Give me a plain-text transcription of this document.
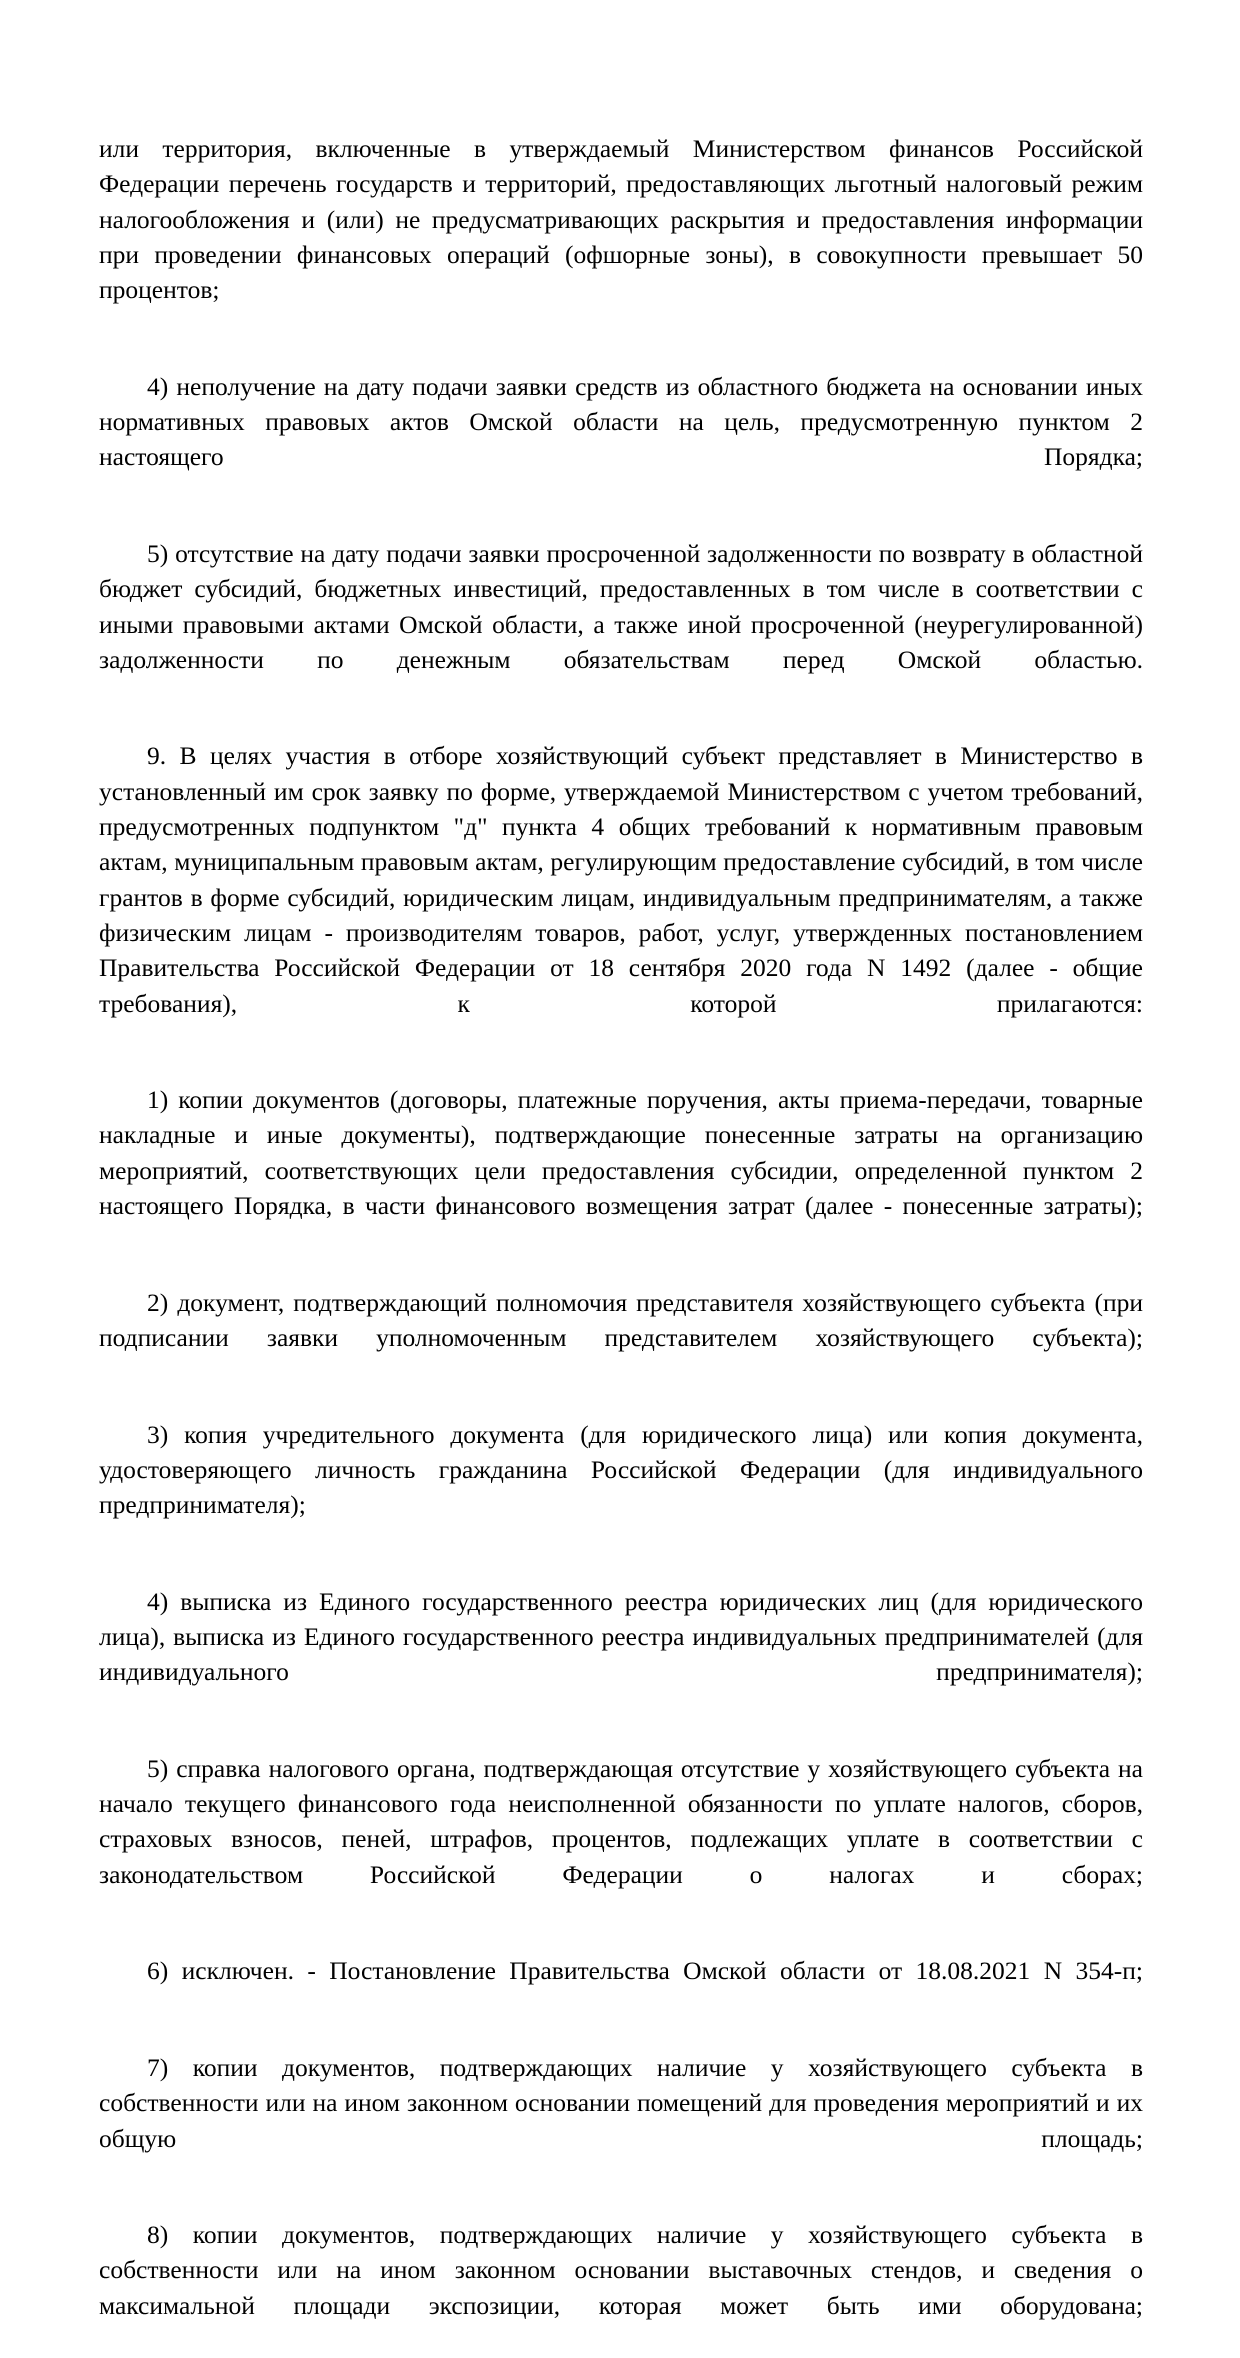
или территория, включенные в утверждаемый Министерством финансов Российской Федерации перечень государств и территорий, предоставляющих льготный налоговый режим налогообложения и (или) не предусматривающих раскрытия и предоставления информации при проведении финансовых операций (офшорные зоны), в совокупности превышает 50 процентов;

4) неполучение на дату подачи заявки средств из областного бюджета на основании иных нормативных правовых актов Омской области на цель, предусмотренную пунктом 2 настоящего Порядка;

5) отсутствие на дату подачи заявки просроченной задолженности по возврату в областной бюджет субсидий, бюджетных инвестиций, предоставленных в том числе в соответствии с иными правовыми актами Омской области, а также иной просроченной (неурегулированной) задолженности по денежным обязательствам перед Омской областью.

9. В целях участия в отборе хозяйствующий субъект представляет в Министерство в установленный им срок заявку по форме, утверждаемой Министерством с учетом требований, предусмотренных подпунктом "д" пункта 4 общих требований к нормативным правовым актам, муниципальным правовым актам, регулирующим предоставление субсидий, в том числе грантов в форме субсидий, юридическим лицам, индивидуальным предпринимателям, а также физическим лицам - производителям товаров, работ, услуг, утвержденных постановлением Правительства Российской Федерации от 18 сентября 2020 года N 1492 (далее - общие требования), к которой прилагаются:

1) копии документов (договоры, платежные поручения, акты приема-передачи, товарные накладные и иные документы), подтверждающие понесенные затраты на организацию мероприятий, соответствующих цели предоставления субсидии, определенной пунктом 2 настоящего Порядка, в части финансового возмещения затрат (далее - понесенные затраты);

2) документ, подтверждающий полномочия представителя хозяйствующего субъекта (при подписании заявки уполномоченным представителем хозяйствующего субъекта);

3) копия учредительного документа (для юридического лица) или копия документа, удостоверяющего личность гражданина Российской Федерации (для индивидуального предпринимателя);

4) выписка из Единого государственного реестра юридических лиц (для юридического лица), выписка из Единого государственного реестра индивидуальных предпринимателей (для индивидуального предпринимателя);

5) справка налогового органа, подтверждающая отсутствие у хозяйствующего субъекта на начало текущего финансового года неисполненной обязанности по уплате налогов, сборов, страховых взносов, пеней, штрафов, процентов, подлежащих уплате в соответствии с законодательством Российской Федерации о налогах и сборах;

6) исключен. - Постановление Правительства Омской области от 18.08.2021 N 354-п;

7) копии документов, подтверждающих наличие у хозяйствующего субъекта в собственности или на ином законном основании помещений для проведения мероприятий и их общую площадь;

8) копии документов, подтверждающих наличие у хозяйствующего субъекта в собственности или на ином законном основании выставочных стендов, и сведения о максимальной площади экспозиции, которая может быть ими оборудована;
